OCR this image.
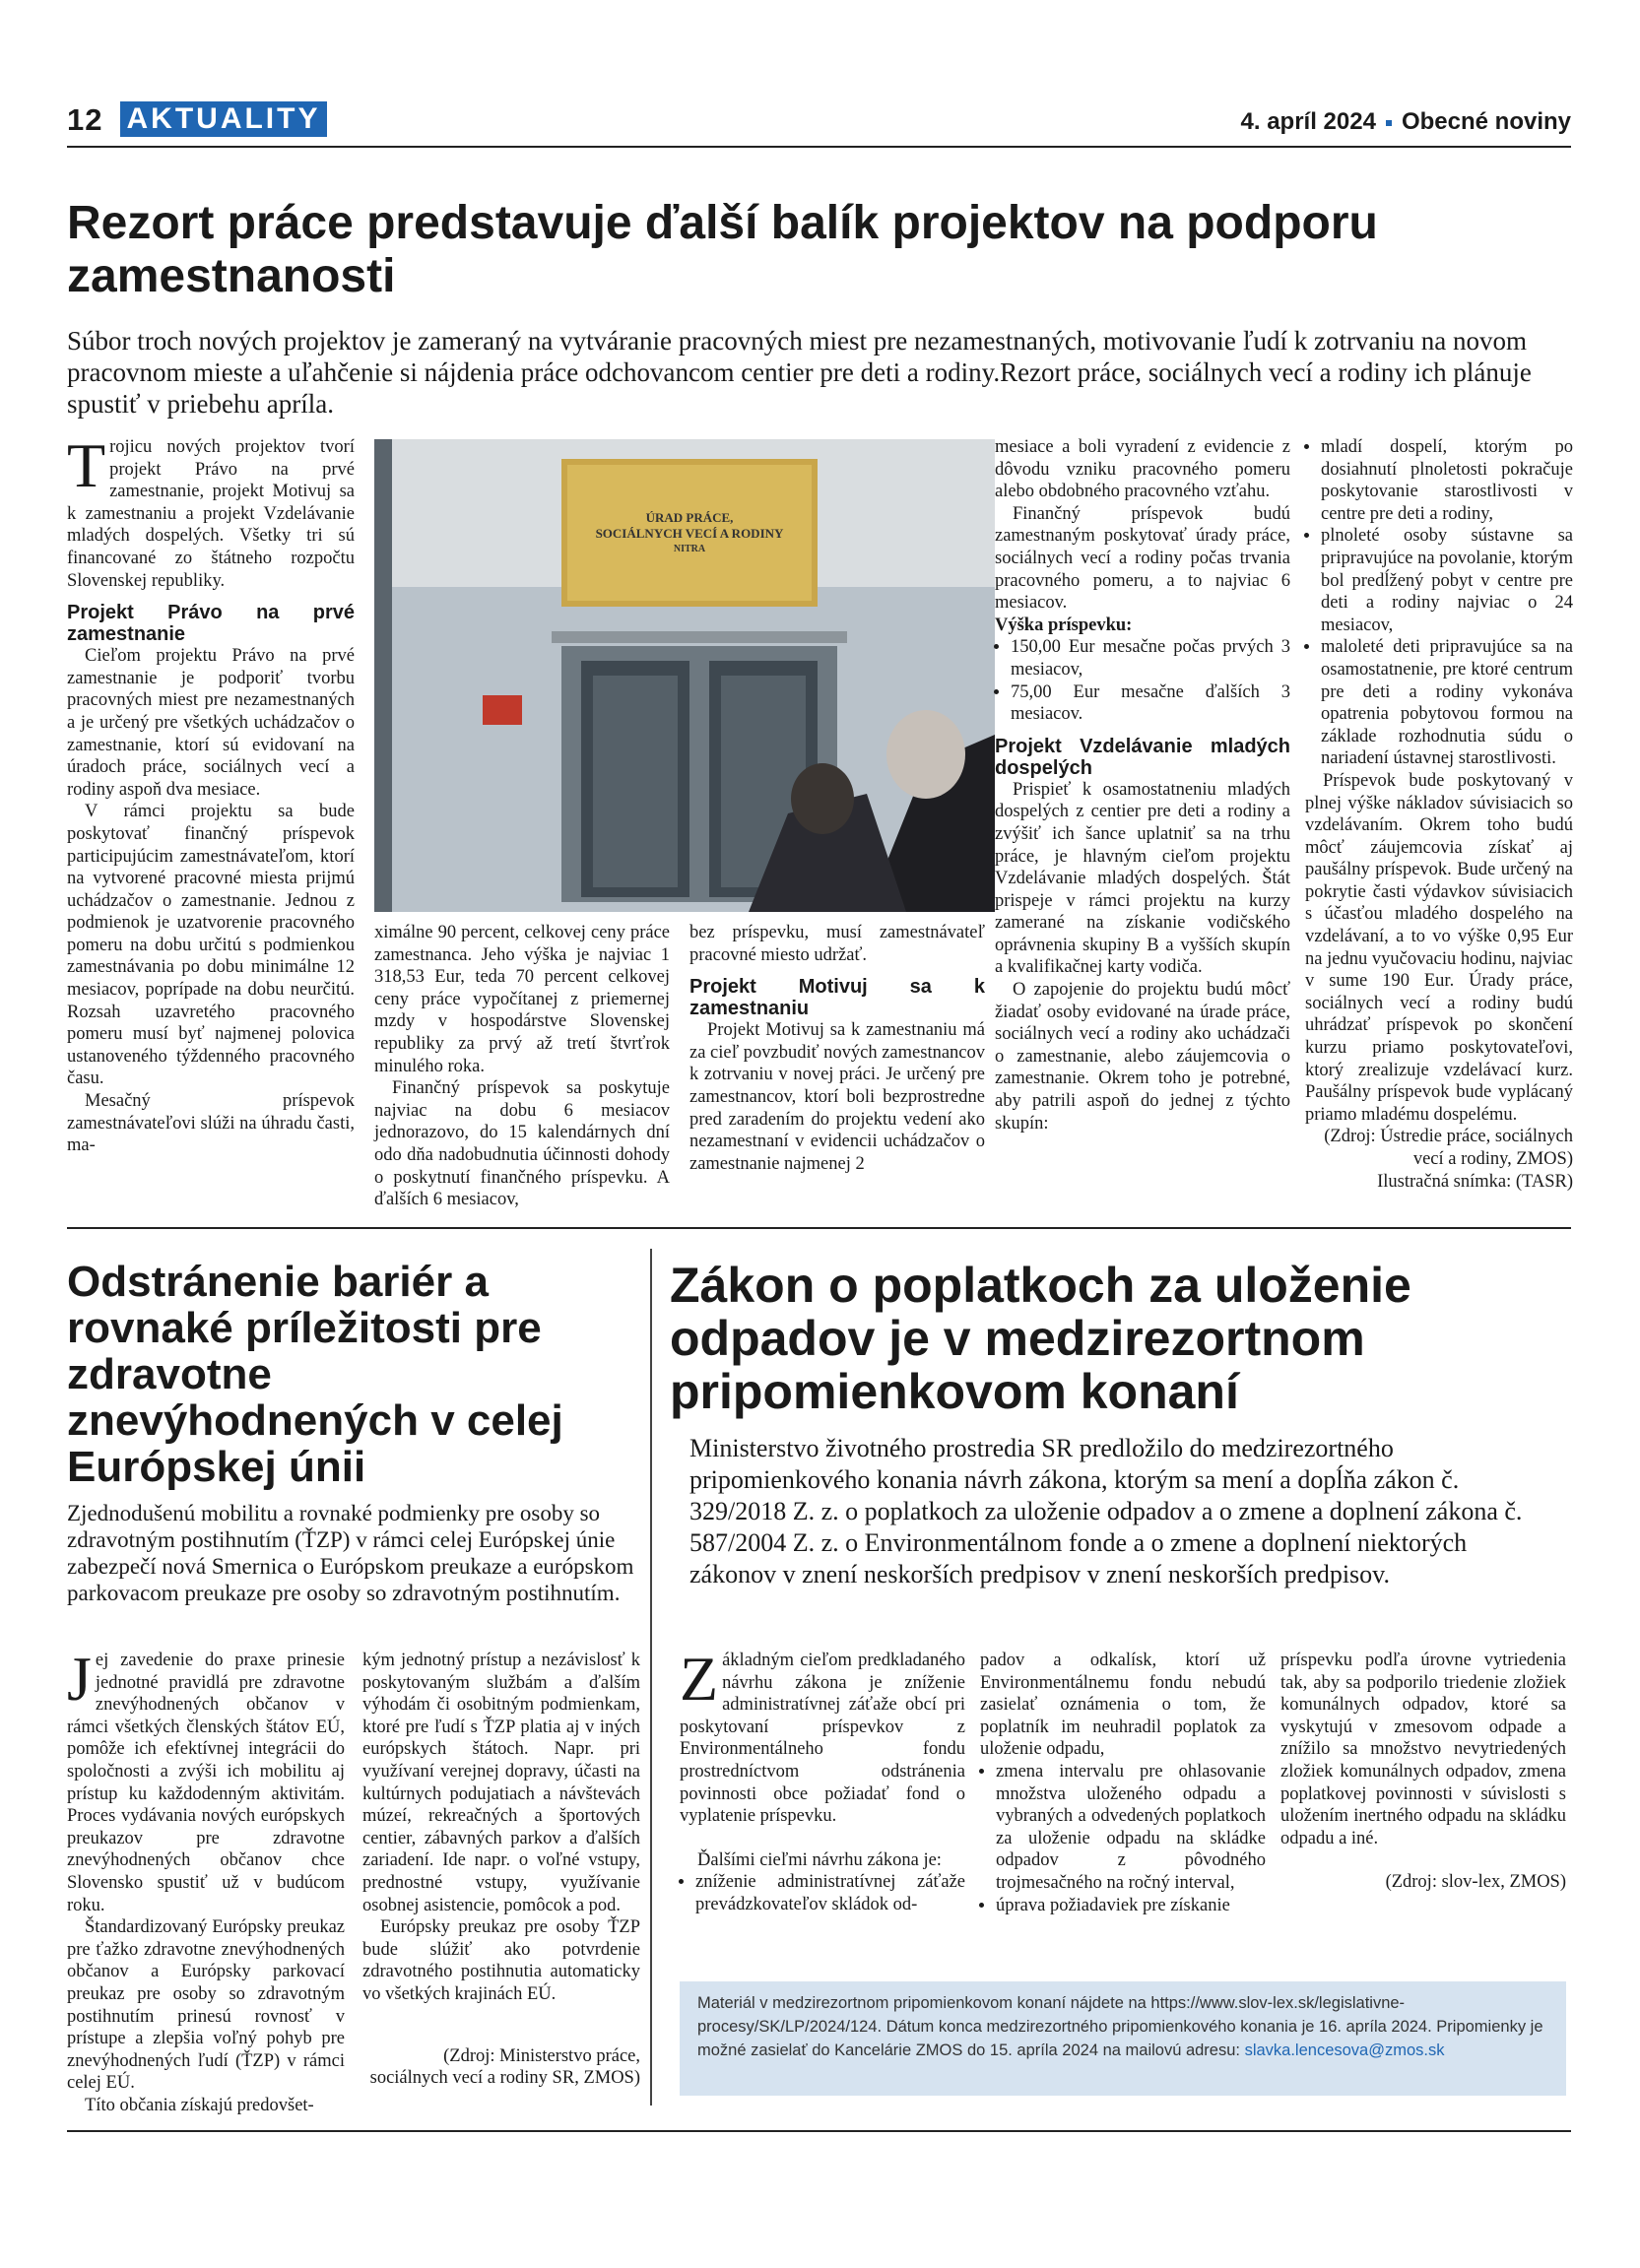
12 AKTUALITY	4. apríl 2024 Obecné noviny
Rezort práce predstavuje ďalší balík projektov na podporu zamestnanosti
Súbor troch nových projektov je zameraný na vytváranie pracovných miest pre nezamestnaných, motivovanie ľudí k zotrvaniu na novom pracovnom mieste a uľahčenie si nájdenia práce odchovancom centier pre deti a rodiny.Rezort práce, sociálnych vecí a rodiny ich plánuje spustiť v priebehu apríla.
T rojicu nových projektov tvorí projekt Právo na prvé zamestnanie, projekt Motivuj sa k zamestnaniu a projekt Vzdelávanie mladých dospelých. Všetky tri sú financované zo štátneho rozpočtu Slovenskej republiky.

Projekt Právo na prvé zamestnanie

Cieľom projektu Právo na prvé zamestnanie je podporiť tvorbu pracovných miest pre nezamestnaných a je určený pre všetkých uchádzačov o zamestnanie, ktorí sú evidovaní na úradoch práce, sociálnych vecí a rodiny aspoň dva mesiace.

V rámci projektu sa bude poskytovať finančný príspevok participujúcim zamestnávateľom, ktorí na vytvorené pracovné miesta prijmú uchádzačov o zamestnanie. Jednou z podmienok je uzatvorenie pracovného pomeru na dobu určitú s podmienkou zamestnávania po dobu minimálne 12 mesiacov, poprípade na dobu neurčitú. Rozsah uzavretého pracovného pomeru musí byť najmenej polovica ustanoveného týždenného pracovného času.

Mesačný príspevok zamestnávateľovi slúži na úhradu časti, ma-

ÚRAD PRÁCE,
SOCIÁLNYCH VECÍ A RODINY
NITRA

ximálne 90 percent, celkovej ceny práce zamestnanca. Jeho výška je najviac 1 318,53 Eur, teda 70 percent celkovej ceny práce vypočítanej z priemernej mzdy v hospodárstve Slovenskej republiky za prvý až tretí štvrťrok minulého roka.

Finančný príspevok sa poskytuje najviac na dobu 6 mesiacov jednorazovo, do 15 kalendárnych dní odo dňa nadobudnutia účinnosti dohody o poskytnutí finančného príspevku. A ďalších 6 mesiacov,

bez príspevku, musí zamestnávateľ pracovné miesto udržať.

Projekt Motivuj sa k zamestnaniu

Projekt Motivuj sa k zamestnaniu má za cieľ povzbudiť nových zamestnancov k zotrvaniu v novej práci. Je určený pre zamestnancov, ktorí boli bezprostredne pred zaradením do projektu vedení ako nezamestnaní v evidencii uchádzačov o zamestnanie najmenej 2

mesiace a boli vyradení z evidencie z dôvodu vzniku pracovného pomeru alebo obdobného pracovného vzťahu.

Finančný príspevok budú zamestnaným poskytovať úrady práce, sociálnych vecí a rodiny počas trvania pracovného pomeru, a to najviac 6 mesiacov.

Výška príspevku:

• 150,00 Eur mesačne počas prvých 3 mesiacov,
• 75,00 Eur mesačne ďalších 3 mesiacov.
Projekt Vzdelávanie mladých dospelých

Prispieť k osamostatneniu mladých dospelých z centier pre deti a rodiny a zvýšiť ich šance uplatniť sa na trhu práce, je hlavným cieľom projektu Vzdelávanie mladých dospelých. Štát prispeje v rámci projektu na kurzy zamerané na získanie vodičského oprávnenia skupiny B a vyšších skupín a kvalifikačnej karty vodiča.

O zapojenie do projektu budú môcť žiadať osoby evidované na úrade práce, sociálnych vecí a rodiny ako uchádzači o zamestnanie, alebo záujemcovia o zamestnanie. Okrem toho je potrebné, aby patrili aspoň do jednej z týchto skupín:

• mladí dospelí, ktorým po dosiahnutí plnoletosti pokračuje poskytovanie starostlivosti v centre pre deti a rodiny,
• plnoleté osoby sústavne sa pripravujúce na povolanie, ktorým bol predĺžený pobyt v centre pre deti a rodiny najviac o 24 mesiacov,
• maloleté deti pripravujúce sa na osamostatnenie, pre ktoré centrum pre deti a rodiny vykonáva opatrenia pobytovou formou na základe rozhodnutia súdu o nariadení ústavnej starostlivosti.

Príspevok bude poskytovaný v plnej výške nákladov súvisiacich so vzdelávaním. Okrem toho budú môcť záujemcovia získať aj paušálny príspevok. Bude určený na pokrytie časti výdavkov súvisiacich s účasťou mladého dospelého na vzdelávaní, a to vo výške 0,95 Eur na jednu vyučovaciu hodinu, najviac v sume 190 Eur. Úrady práce, sociálnych vecí a rodiny budú uhrádzať príspevok po skončení kurzu priamo poskytovateľovi, ktorý zrealizuje vzdelávací kurz. Paušálny príspevok bude vyplácaný priamo mladému dospelému.

(Zdroj: Ústredie práce, sociálnych vecí a rodiny, ZMOS)

Ilustračná snímka: (TASR)

Odstránenie bariér a rovnaké príležitosti pre zdravotne znevýhodnených v celej Európskej únii
Zjednodušenú mobilitu a rovnaké podmienky pre osoby so zdravotným postihnutím (ŤZP) v rámci celej Európskej únie zabezpečí nová Smernica o Európskom preukaze a európskom parkovacom preukaze pre osoby so zdravotným postihnutím.
J ej zavedenie do praxe prinesie jednotné pravidlá pre zdravotne znevýhodnených občanov v rámci všetkých členských štátov EÚ, pomôže ich efektívnej integrácii do spoločnosti a zvýši ich mobilitu aj prístup ku každodenným aktivitám. Proces vydávania nových európskych preukazov pre zdravotne znevýhodnených občanov chce Slovensko spustiť už v budúcom roku.

Štandardizovaný Európsky preukaz pre ťažko zdravotne znevýhodnených občanov a Európsky parkovací preukaz pre osoby so zdravotným postihnutím prinesú rovnosť v prístupe a zlepšia voľný pohyb pre znevýhodnených ľudí (ŤZP) v rámci celej EÚ.

Títo občania získajú predovšet-

kým jednotný prístup a nezávislosť k poskytovaným službám a ďalším výhodám či osobitným podmienkam, ktoré pre ľudí s ŤZP platia aj v iných európskych štátoch. Napr. pri využívaní verejnej dopravy, účasti na kultúrnych podujatiach a návštevách múzeí, rekreačných a športových centier, zábavných parkov a ďalších zariadení. Ide napr. o voľné vstupy, prednostné vstupy, využívanie osobnej asistencie, pomôcok a pod.

Európsky preukaz pre osoby ŤZP bude slúžiť ako potvrdenie zdravotného postihnutia automaticky vo všetkých krajinách EÚ.

(Zdroj: Ministerstvo práce, sociálnych vecí a rodiny SR, ZMOS)

Zákon o poplatkoch za uloženie odpadov je v medzirezortnom pripomienkovom konaní
Ministerstvo životného prostredia SR predložilo do medzirezortného pripomienkového konania návrh zákona, ktorým sa mení a dopĺňa zákon č. 329/2018 Z. z. o poplatkoch za uloženie odpadov a o zmene a doplnení zákona č. 587/2004 Z. z. o Environmentálnom fonde a o zmene a doplnení niektorých zákonov v znení neskorších predpisov v znení neskorších predpisov.
Z ákladným cieľom predkladaného návrhu zákona je zníženie administratívnej záťaže obcí pri poskytovaní príspevkov z Environmentálneho fondu prostredníctvom odstránenia povinnosti obce požiadať fond o vyplatenie príspevku.

Ďalšími cieľmi návrhu zákona je:

• zníženie administratívnej záťaže prevádzkovateľov skládok od-

padov a odkalísk, ktorí už Environmentálnemu fondu nebudú zasielať oznámenia o tom, že poplatník im neuhradil poplatok za uloženie odpadu,

• zmena intervalu pre ohlasovanie množstva uloženého odpadu a vybraných a odvedených poplatkoch za uloženie odpadu na skládke odpadov z pôvodného trojmesačného na ročný interval,
• úprava požiadaviek pre získanie

príspevku podľa úrovne vytriedenia tak, aby sa podporilo triedenie zložiek komunálnych odpadov, ktoré sa vyskytujú v zmesovom odpade a znížilo sa množstvo nevytriedených zložiek komunálnych odpadov, zmena poplatkovej povinnosti v súvislosti s uložením inertného odpadu na skládku odpadu a iné.

(Zdroj: slov-lex, ZMOS)

Materiál v medzirezortnom pripomienkovom konaní nájdete na https://www.slov-lex.sk/legislativne-procesy/SK/LP/2024/124. Dátum konca medzirezortného pripomienkového konania je 16. apríla 2024. Pripomienky je možné zasielať do Kancelárie ZMOS do 15. apríla 2024 na mailovú adresu: slavka.lencesova@zmos.sk
